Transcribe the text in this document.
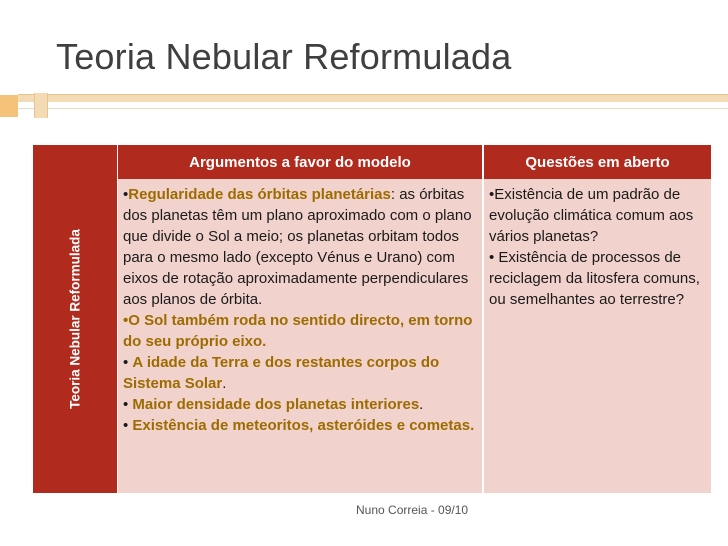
Teoria Nebular Reformulada
Teoria Nebular Reformulada
Argumentos a favor do modelo	Questões em aberto

•Regularidade das órbitas planetárias: as órbitas dos planetas têm um plano aproximado com o plano que divide o Sol a meio; os planetas orbitam todos para o mesmo lado (excepto Vénus e Urano) com eixos de rotação aproximadamente perpendiculares aos planos de órbita.

•O Sol também roda no sentido directo, em torno do seu próprio eixo.

• A idade da Terra e dos restantes corpos do Sistema Solar.

• Maior densidade dos planetas interiores.

• Existência de meteoritos, asteróides e cometas.

•Existência de um padrão de evolução climática comum aos vários planetas?

• Existência de processos de reciclagem da litosfera comuns, ou semelhantes ao terrestre?

Nuno Correia - 09/10
